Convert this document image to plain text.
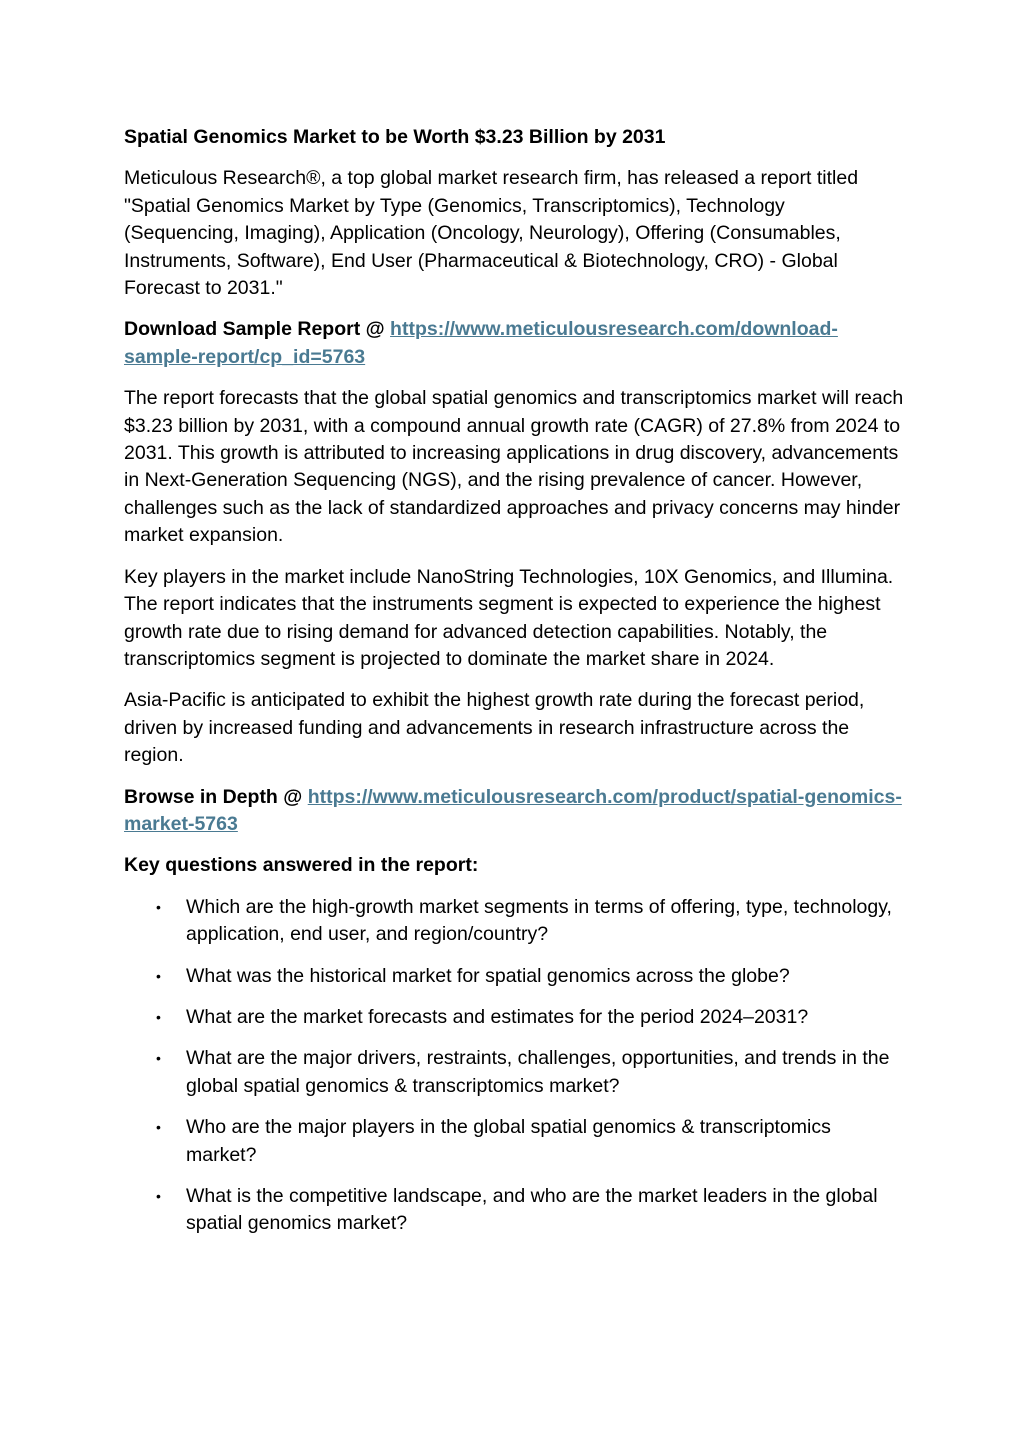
Spatial Genomics Market to be Worth $3.23 Billion by 2031

Meticulous Research®, a top global market research firm, has released a report titled "Spatial Genomics Market by Type (Genomics, Transcriptomics), Technology (Sequencing, Imaging), Application (Oncology, Neurology), Offering (Consumables, Instruments, Software), End User (Pharmaceutical & Biotechnology, CRO) - Global Forecast to 2031."

Download Sample Report @ https://www.meticulousresearch.com/download-sample-report/cp_id=5763

The report forecasts that the global spatial genomics and transcriptomics market will reach $3.23 billion by 2031, with a compound annual growth rate (CAGR) of 27.8% from 2024 to 2031. This growth is attributed to increasing applications in drug discovery, advancements in Next-Generation Sequencing (NGS), and the rising prevalence of cancer. However, challenges such as the lack of standardized approaches and privacy concerns may hinder market expansion.

Key players in the market include NanoString Technologies, 10X Genomics, and Illumina. The report indicates that the instruments segment is expected to experience the highest growth rate due to rising demand for advanced detection capabilities. Notably, the transcriptomics segment is projected to dominate the market share in 2024.

Asia-Pacific is anticipated to exhibit the highest growth rate during the forecast period, driven by increased funding and advancements in research infrastructure across the region.

Browse in Depth @ https://www.meticulousresearch.com/product/spatial-genomics-market-5763

Key questions answered in the report:

• Which are the high-growth market segments in terms of offering, type, technology, application, end user, and region/country?
• What was the historical market for spatial genomics across the globe?
• What are the market forecasts and estimates for the period 2024–2031?
• What are the major drivers, restraints, challenges, opportunities, and trends in the global spatial genomics & transcriptomics market?
• Who are the major players in the global spatial genomics & transcriptomics market?
• What is the competitive landscape, and who are the market leaders in the global spatial genomics market?
